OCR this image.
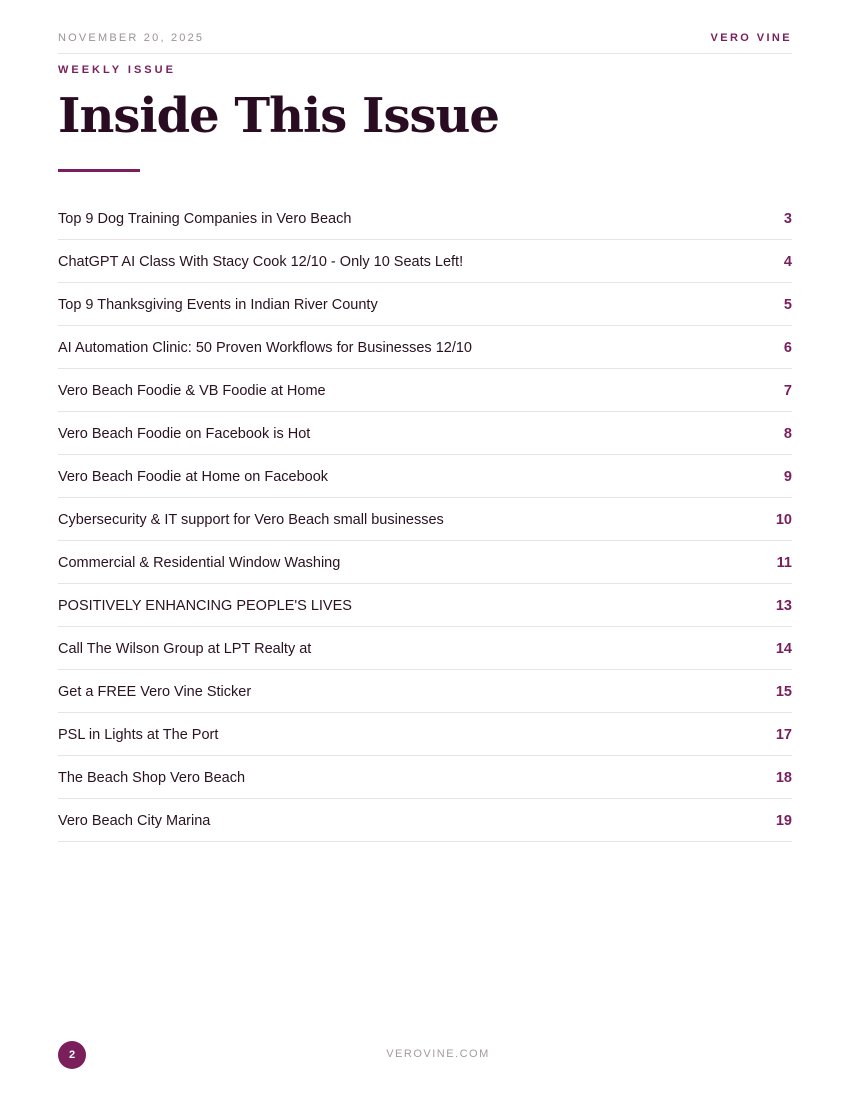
NOVEMBER 20, 2025	VERO VINE
WEEKLY ISSUE
Inside This Issue
Top 9 Dog Training Companies in Vero Beach	3
ChatGPT AI Class With Stacy Cook 12/10 - Only 10 Seats Left!	4
Top 9 Thanksgiving Events in Indian River County	5
AI Automation Clinic: 50 Proven Workflows for Businesses 12/10	6
Vero Beach Foodie & VB Foodie at Home	7
Vero Beach Foodie on Facebook is Hot	8
Vero Beach Foodie at Home on Facebook	9
Cybersecurity & IT support for Vero Beach small businesses	10
Commercial & Residential Window Washing	11
POSITIVELY ENHANCING PEOPLE'S LIVES	13
Call The Wilson Group at LPT Realty at	14
Get a FREE Vero Vine Sticker	15
PSL in Lights at The Port	17
The Beach Shop Vero Beach	18
Vero Beach City Marina	19
2	VEROVINE.COM
